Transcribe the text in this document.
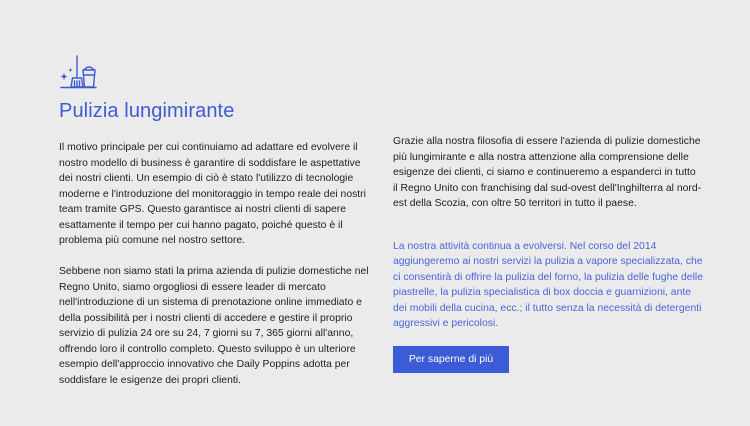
Pulizia lungimirante

Il motivo principale per cui continuiamo ad adattare ed evolvere il nostro modello di business è garantire di soddisfare le aspettative dei nostri clienti. Un esempio di ciò è stato l'utilizzo di tecnologie moderne e l'introduzione del monitoraggio in tempo reale dei nostri team tramite GPS. Questo garantisce ai nostri clienti di sapere esattamente il tempo per cui hanno pagato, poiché questo è il problema più comune nel nostro settore.

Sebbene non siamo stati la prima azienda di pulizie domestiche nel Regno Unito, siamo orgogliosi di essere leader di mercato nell'introduzione di un sistema di prenotazione online immediato e della possibilità per i nostri clienti di accedere e gestire il proprio servizio di pulizia 24 ore su 24, 7 giorni su 7, 365 giorni all'anno, offrendo loro il controllo completo. Questo sviluppo è un ulteriore esempio dell'approccio innovativo che Daily Poppins adotta per soddisfare le esigenze dei propri clienti.

Grazie alla nostra filosofia di essere l'azienda di pulizie domestiche più lungimirante e alla nostra attenzione alla comprensione delle esigenze dei clienti, ci siamo e continueremo a espanderci in tutto il Regno Unito con franchising dal sud-ovest dell'Inghilterra al nord-est della Scozia, con oltre 50 territori in tutto il paese.

La nostra attività continua a evolversi. Nel corso del 2014 aggiungeremo ai nostri servizi la pulizia a vapore specializzata, che ci consentirà di offrire la pulizia del forno, la pulizia delle fughe delle piastrelle, la pulizia specialistica di box doccia e guarnizioni, ante dei mobili della cucina, ecc.; il tutto senza la necessità di detergenti aggressivi e pericolosi.

Per saperne di più
